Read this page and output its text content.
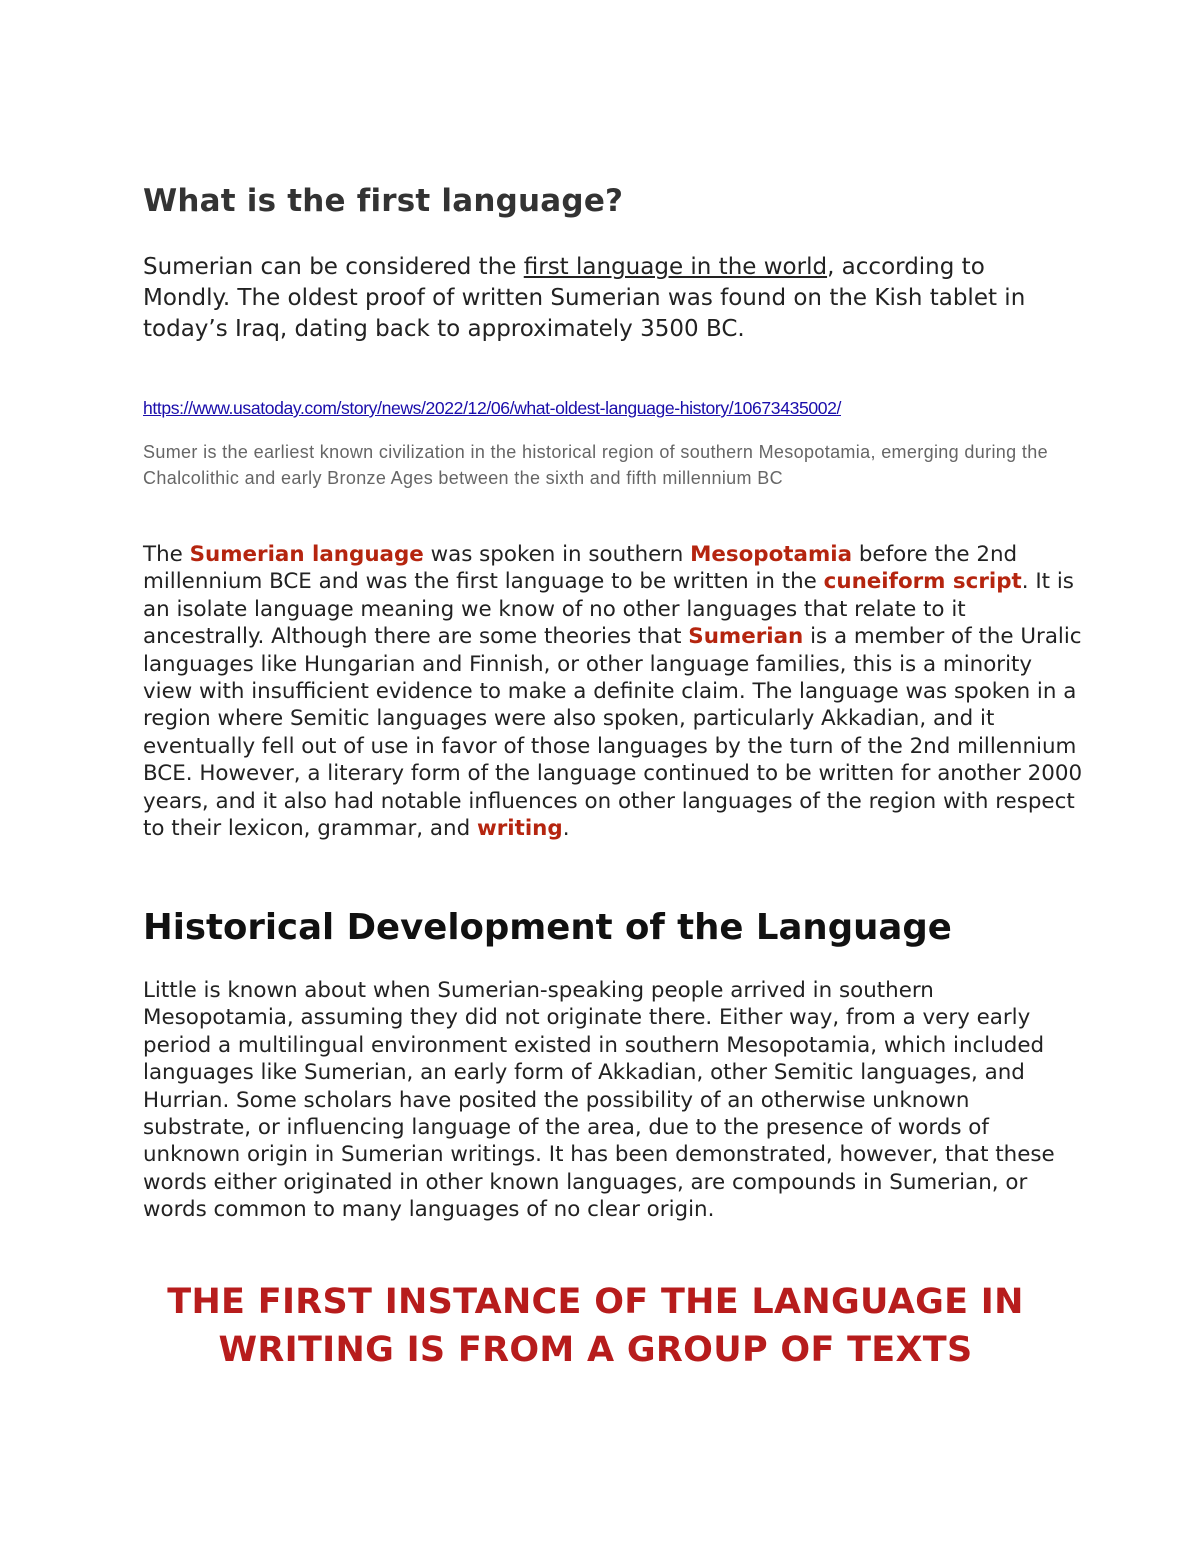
What is the first language?

Sumerian can be considered the first language in the world, according to Mondly. The oldest proof of written Sumerian was found on the Kish tablet in today’s Iraq, dating back to approximately 3500 BC.

https://www.usatoday.com/story/news/2022/12/06/what-oldest-language-history/10673435002/

Sumer is the earliest known civilization in the historical region of southern Mesopotamia, emerging during the Chalcolithic and early Bronze Ages between the sixth and fifth millennium BC

The Sumerian language was spoken in southern Mesopotamia before the 2nd millennium BCE and was the first language to be written in the cuneiform script. It is an isolate language meaning we know of no other languages that relate to it ancestrally. Although there are some theories that Sumerian is a member of the Uralic languages like Hungarian and Finnish, or other language families, this is a minority view with insufficient evidence to make a definite claim. The language was spoken in a region where Semitic languages were also spoken, particularly Akkadian, and it eventually fell out of use in favor of those languages by the turn of the 2nd millennium BCE. However, a literary form of the language continued to be written for another 2000 years, and it also had notable influences on other languages of the region with respect to their lexicon, grammar, and writing.

Historical Development of the Language

Little is known about when Sumerian-speaking people arrived in southern Mesopotamia, assuming they did not originate there. Either way, from a very early period a multilingual environment existed in southern Mesopotamia, which included languages like Sumerian, an early form of Akkadian, other Semitic languages, and Hurrian. Some scholars have posited the possibility of an otherwise unknown substrate, or influencing language of the area, due to the presence of words of unknown origin in Sumerian writings. It has been demonstrated, however, that these words either originated in other known languages, are compounds in Sumerian, or words common to many languages of no clear origin.

THE FIRST INSTANCE OF THE LANGUAGE IN WRITING IS FROM A GROUP OF TEXTS
